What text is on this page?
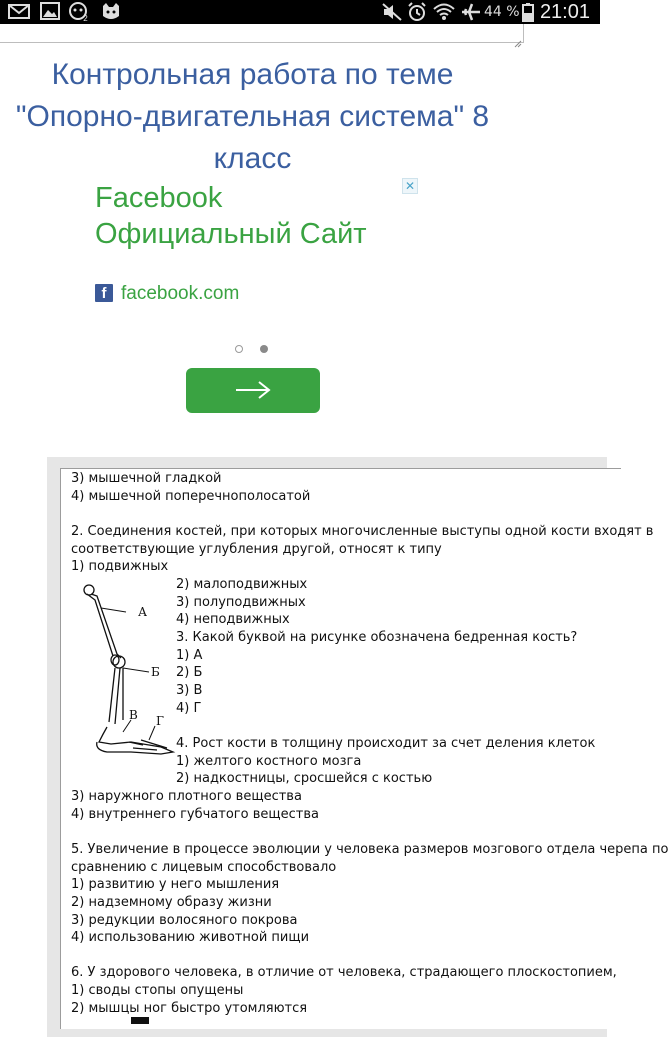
2	44 % 21:01
Контрольная работа по теме "Опорно-двигательная система" 8 класс
Facebook
Официальный Сайт
✕
f facebook.com
3) мышечной гладкой
4) мышечной поперечнополосатой
2. Соединения костей, при которых многочисленные выступы одной кости входят в
соответствующие углубления другой, относят к типу
1) подвижных
2) малоподвижных
3) полуподвижных
4) неподвижных
3. Какой буквой на рисунке обозначена бедренная кость?
1) А
2) Б
3) В
4) Г
4. Рост кости в толщину происходит за счет деления клеток
1) желтого костного мозга
2) надкостницы, сросшейся с костью
3) наружного плотного вещества
4) внутреннего губчатого вещества
5. Увеличение в процессе эволюции у человека размеров мозгового отдела черепа по
сравнению с лицевым способствовало
1) развитию у него мышления
2) надземному образу жизни
3) редукции волосяного покрова
4) использованию животной пищи
6. У здорового человека, в отличие от человека, страдающего плоскостопием,
1) своды стопы опущены
2) мышцы ног быстро утомляются
А
Б
В Г
